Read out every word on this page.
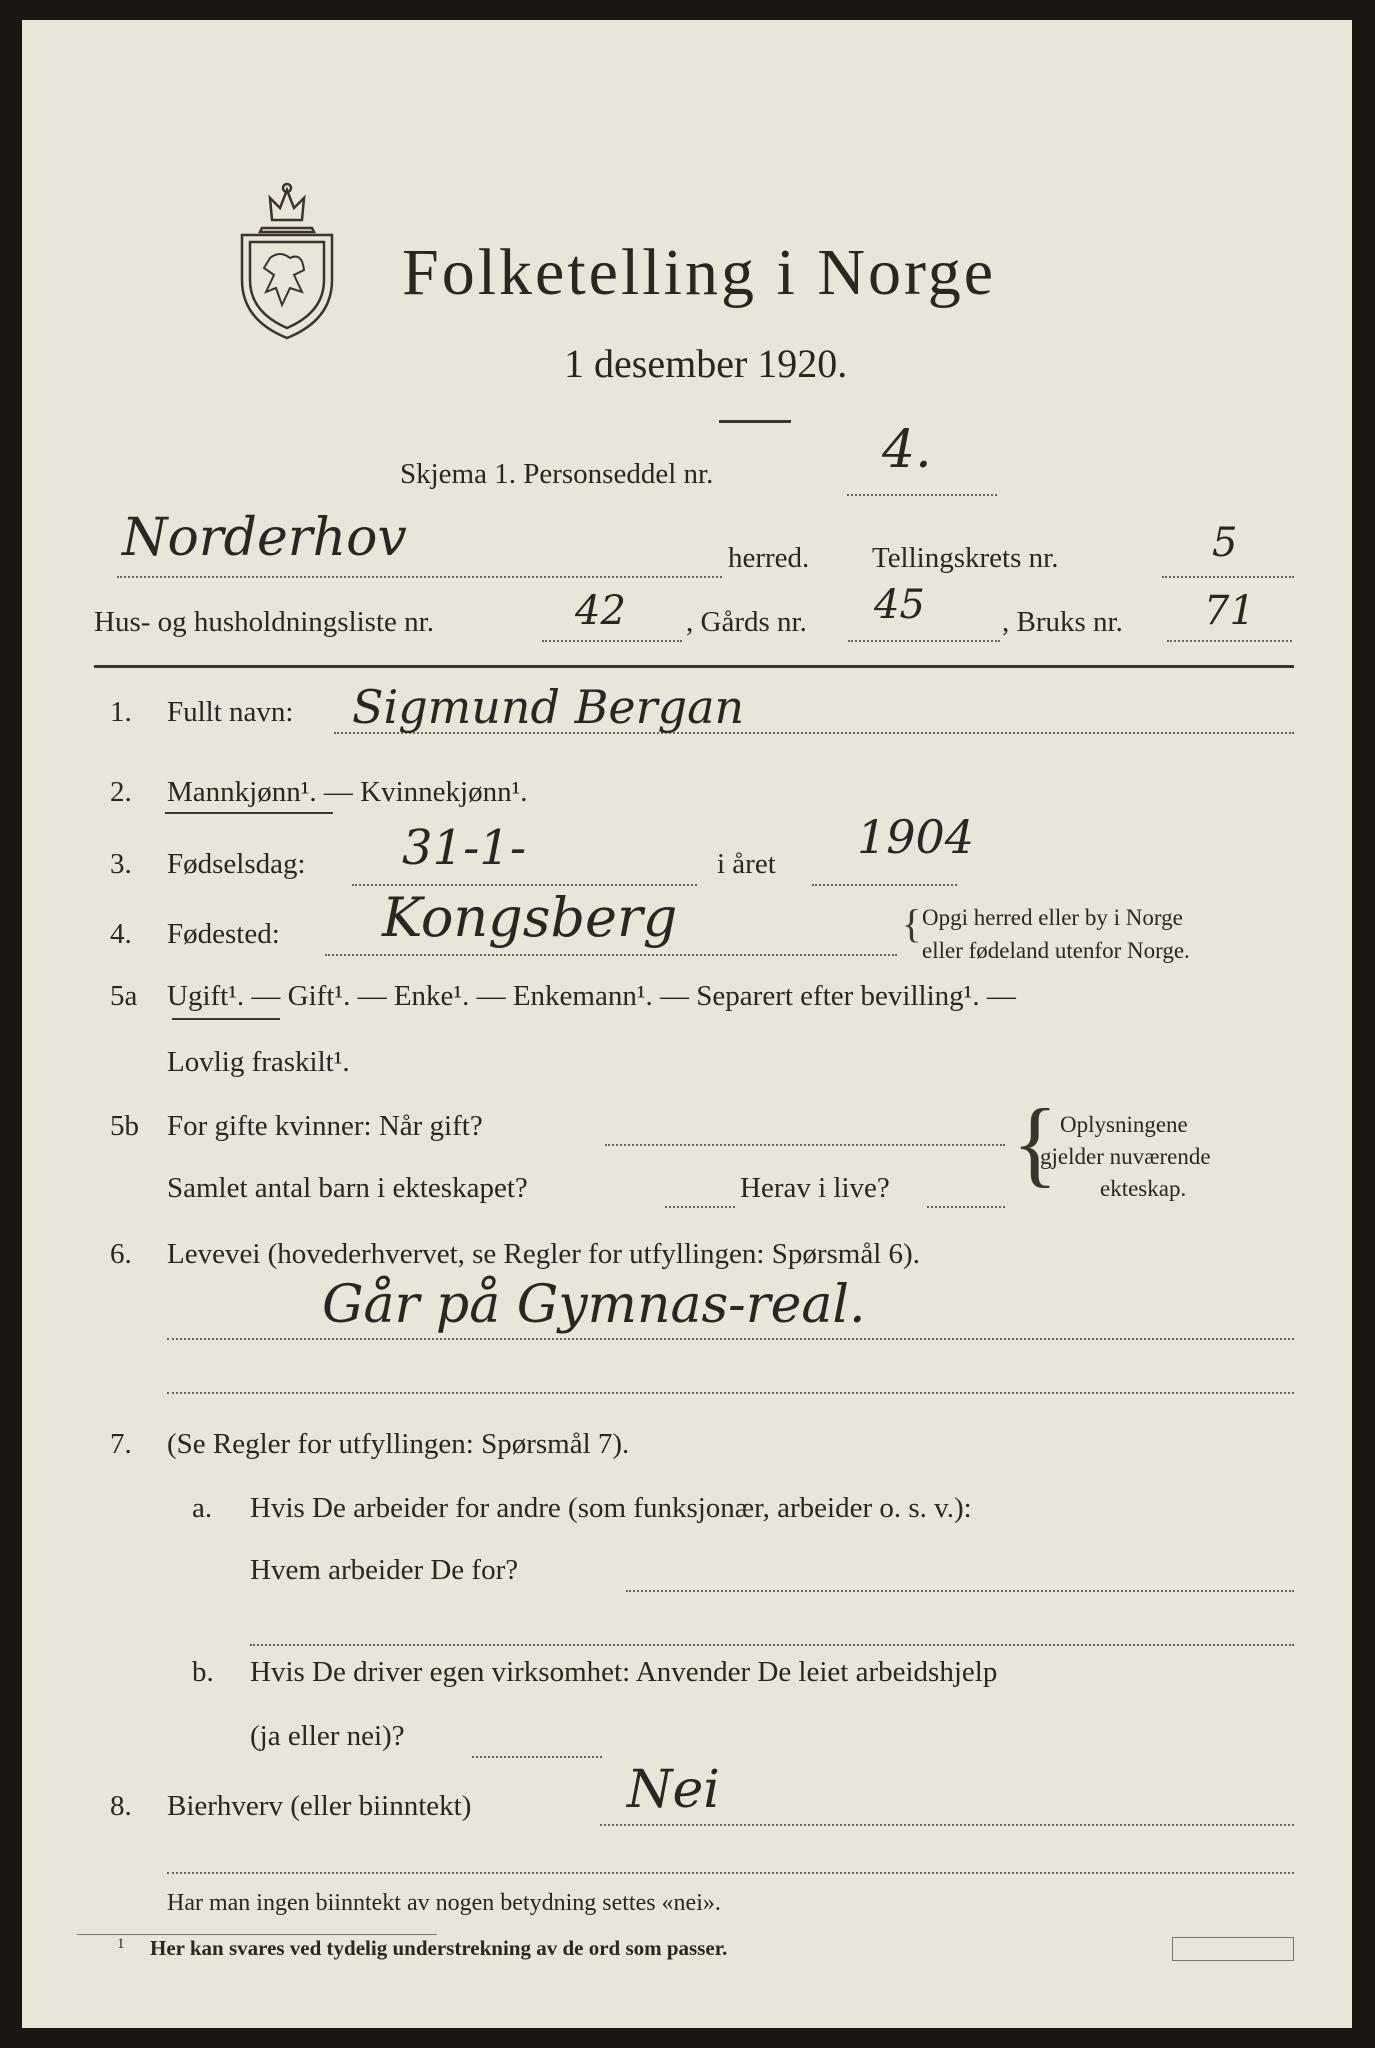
Folketelling i Norge
1 desember 1920.
Skjema 1. Personseddel nr.	4.
Norderhov	herred. Tellingskrets nr.	5
Hus- og husholdningsliste nr.	42 , Gårds nr. 45	, Bruks nr. 71
1. Fullt navn: Sigmund Bergan
2. Mannkjønn¹. — Kvinnekjønn¹.
3. Fødselsdag: 31-1-	i året 1904
4. Fødested: Kongsberg	{ Opgi herred eller by i Norge
eller fødeland utenfor Norge.
5a Ugift¹. — Gift¹. — Enke¹. — Enkemann¹. — Separert efter bevilling¹. —
Lovlig fraskilt¹.
5b For gifte kvinner: Når gift?
Samlet antal barn i ekteskapet?	Herav i live? { Oplysningene
gjelder nuværende
ekteskap.
6. Levevei (hovederhvervet, se Regler for utfyllingen: Spørsmål 6).
Går på Gymnas-real.
7. (Se Regler for utfyllingen: Spørsmål 7).
a. Hvis De arbeider for andre (som funksjonær, arbeider o. s. v.):
Hvem arbeider De for?
b. Hvis De driver egen virksomhet: Anvender De leiet arbeidshjelp
(ja eller nei)?
8. Bierhverv (eller biinntekt)	Nei
Har man ingen biinntekt av nogen betydning settes «nei».
1 Her kan svares ved tydelig understrekning av de ord som passer.
